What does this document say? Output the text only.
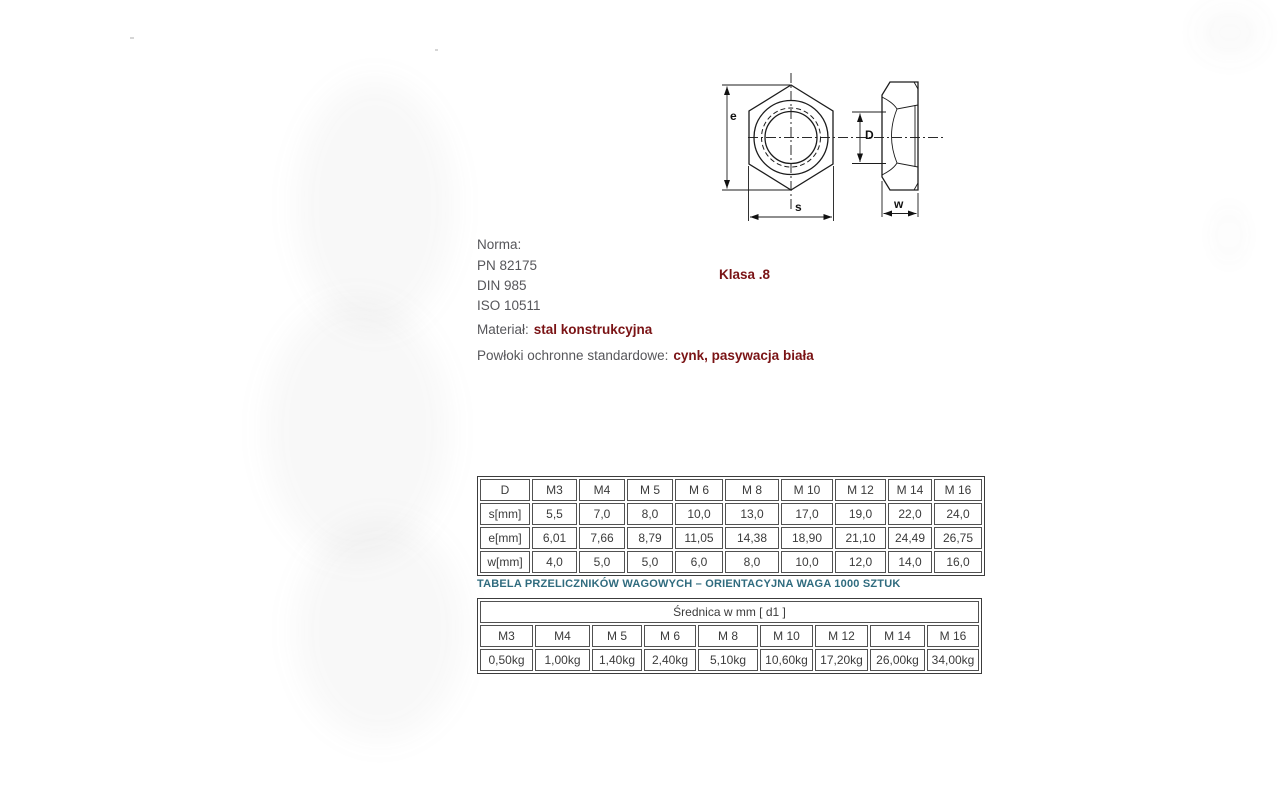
e
s
D
w
Norma:
PN 82175
DIN 985
ISO 10511
Klasa .8
Materiał: stal konstrukcyjna
Powłoki ochronne standardowe: cynk, pasywacja biała
D	M3	M4	M 5	M 6	M 8	M 10	M 12	M 14	M 16
s[mm]	5,5	7,0	8,0	10,0	13,0	17,0	19,0	22,0	24,0
e[mm]	6,01	7,66	8,79	11,05	14,38	18,90	21,10	24,49	26,75
w[mm]	4,0	5,0	5,0	6,0	8,0	10,0	12,0	14,0	16,0
TABELA PRZELICZNIKÓW WAGOWYCH – ORIENTACYJNA WAGA 1000 SZTUK
Średnica w mm [ d1 ]								
M3	M4	M 5	M 6	M 8	M 10	M 12	M 14	M 16
0,50kg	1,00kg	1,40kg	2,40kg	5,10kg	10,60kg	17,20kg	26,00kg	34,00kg
